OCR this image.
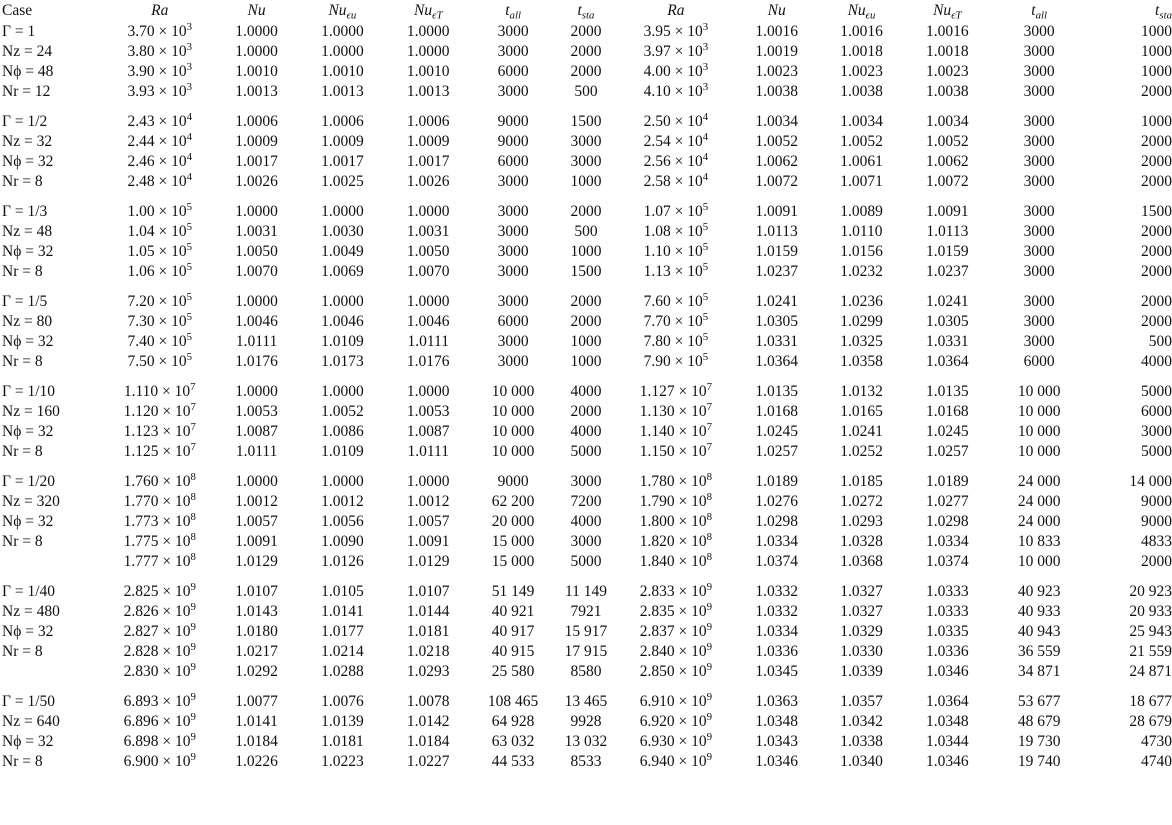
Case	Ra	Nu	$Nu_{\epsilon u}$	$Nu_{\epsilon T}$	$t_{all}$	$t_{sta}$	Ra	Nu	$Nu_{\epsilon u}$	$Nu_{\epsilon T}$	$t_{all}$	$t_{sta}$
Γ = 1	$3.70 \times 10^3$	1.0000	1.0000	1.0000	3000	2000	$3.95 \times 10^3$	1.0016	1.0016	1.0016	3000	1000
Nz = 24	$3.80 \times 10^3$	1.0000	1.0000	1.0000	3000	2000	$3.97 \times 10^3$	1.0019	1.0018	1.0018	3000	1000
Nϕ = 48	$3.90 \times 10^3$	1.0010	1.0010	1.0010	6000	2000	$4.00 \times 10^3$	1.0023	1.0023	1.0023	3000	1000
Nr = 12	$3.93 \times 10^3$	1.0013	1.0013	1.0013	3000	500	$4.10 \times 10^3$	1.0038	1.0038	1.0038	3000	2000

Γ = 1/2	$2.43 \times 10^4$	1.0006	1.0006	1.0006	9000	1500	$2.50 \times 10^4$	1.0034	1.0034	1.0034	3000	1000
Nz = 32	$2.44 \times 10^4$	1.0009	1.0009	1.0009	9000	3000	$2.54 \times 10^4$	1.0052	1.0052	1.0052	3000	2000
Nϕ = 32	$2.46 \times 10^4$	1.0017	1.0017	1.0017	6000	3000	$2.56 \times 10^4$	1.0062	1.0061	1.0062	3000	2000
Nr = 8	$2.48 \times 10^4$	1.0026	1.0025	1.0026	3000	1000	$2.58 \times 10^4$	1.0072	1.0071	1.0072	3000	2000

Γ = 1/3	$1.00 \times 10^5$	1.0000	1.0000	1.0000	3000	2000	$1.07 \times 10^5$	1.0091	1.0089	1.0091	3000	1500
Nz = 48	$1.04 \times 10^5$	1.0031	1.0030	1.0031	3000	500	$1.08 \times 10^5$	1.0113	1.0110	1.0113	3000	2000
Nϕ = 32	$1.05 \times 10^5$	1.0050	1.0049	1.0050	3000	1000	$1.10 \times 10^5$	1.0159	1.0156	1.0159	3000	2000
Nr = 8	$1.06 \times 10^5$	1.0070	1.0069	1.0070	3000	1500	$1.13 \times 10^5$	1.0237	1.0232	1.0237	3000	2000

Γ = 1/5	$7.20 \times 10^5$	1.0000	1.0000	1.0000	3000	2000	$7.60 \times 10^5$	1.0241	1.0236	1.0241	3000	2000
Nz = 80	$7.30 \times 10^5$	1.0046	1.0046	1.0046	6000	2000	$7.70 \times 10^5$	1.0305	1.0299	1.0305	3000	2000
Nϕ = 32	$7.40 \times 10^5$	1.0111	1.0109	1.0111	3000	1000	$7.80 \times 10^5$	1.0331	1.0325	1.0331	3000	500
Nr = 8	$7.50 \times 10^5$	1.0176	1.0173	1.0176	3000	1000	$7.90 \times 10^5$	1.0364	1.0358	1.0364	6000	4000

Γ = 1/10	$1.110 \times 10^7$	1.0000	1.0000	1.0000	10 000	4000	$1.127 \times 10^7$	1.0135	1.0132	1.0135	10 000	5000
Nz = 160	$1.120 \times 10^7$	1.0053	1.0052	1.0053	10 000	2000	$1.130 \times 10^7$	1.0168	1.0165	1.0168	10 000	6000
Nϕ = 32	$1.123 \times 10^7$	1.0087	1.0086	1.0087	10 000	4000	$1.140 \times 10^7$	1.0245	1.0241	1.0245	10 000	3000
Nr = 8	$1.125 \times 10^7$	1.0111	1.0109	1.0111	10 000	5000	$1.150 \times 10^7$	1.0257	1.0252	1.0257	10 000	5000

Γ = 1/20	$1.760 \times 10^8$	1.0000	1.0000	1.0000	9000	3000	$1.780 \times 10^8$	1.0189	1.0185	1.0189	24 000	14 000
Nz = 320	$1.770 \times 10^8$	1.0012	1.0012	1.0012	62 200	7200	$1.790 \times 10^8$	1.0276	1.0272	1.0277	24 000	9000
Nϕ = 32	$1.773 \times 10^8$	1.0057	1.0056	1.0057	20 000	4000	$1.800 \times 10^8$	1.0298	1.0293	1.0298	24 000	9000
Nr = 8	$1.775 \times 10^8$	1.0091	1.0090	1.0091	15 000	3000	$1.820 \times 10^8$	1.0334	1.0328	1.0334	10 833	4833
	$1.777 \times 10^8$	1.0129	1.0126	1.0129	15 000	5000	$1.840 \times 10^8$	1.0374	1.0368	1.0374	10 000	2000

Γ = 1/40	$2.825 \times 10^9$	1.0107	1.0105	1.0107	51 149	11 149	$2.833 \times 10^9$	1.0332	1.0327	1.0333	40 923	20 923
Nz = 480	$2.826 \times 10^9$	1.0143	1.0141	1.0144	40 921	7921	$2.835 \times 10^9$	1.0332	1.0327	1.0333	40 933	20 933
Nϕ = 32	$2.827 \times 10^9$	1.0180	1.0177	1.0181	40 917	15 917	$2.837 \times 10^9$	1.0334	1.0329	1.0335	40 943	25 943
Nr = 8	$2.828 \times 10^9$	1.0217	1.0214	1.0218	40 915	17 915	$2.840 \times 10^9$	1.0336	1.0330	1.0336	36 559	21 559
	$2.830 \times 10^9$	1.0292	1.0288	1.0293	25 580	8580	$2.850 \times 10^9$	1.0345	1.0339	1.0346	34 871	24 871

Γ = 1/50	$6.893 \times 10^9$	1.0077	1.0076	1.0078	108 465	13 465	$6.910 \times 10^9$	1.0363	1.0357	1.0364	53 677	18 677
Nz = 640	$6.896 \times 10^9$	1.0141	1.0139	1.0142	64 928	9928	$6.920 \times 10^9$	1.0348	1.0342	1.0348	48 679	28 679
Nϕ = 32	$6.898 \times 10^9$	1.0184	1.0181	1.0184	63 032	13 032	$6.930 \times 10^9$	1.0343	1.0338	1.0344	19 730	4730
Nr = 8	$6.900 \times 10^9$	1.0226	1.0223	1.0227	44 533	8533	$6.940 \times 10^9$	1.0346	1.0340	1.0346	19 740	4740
